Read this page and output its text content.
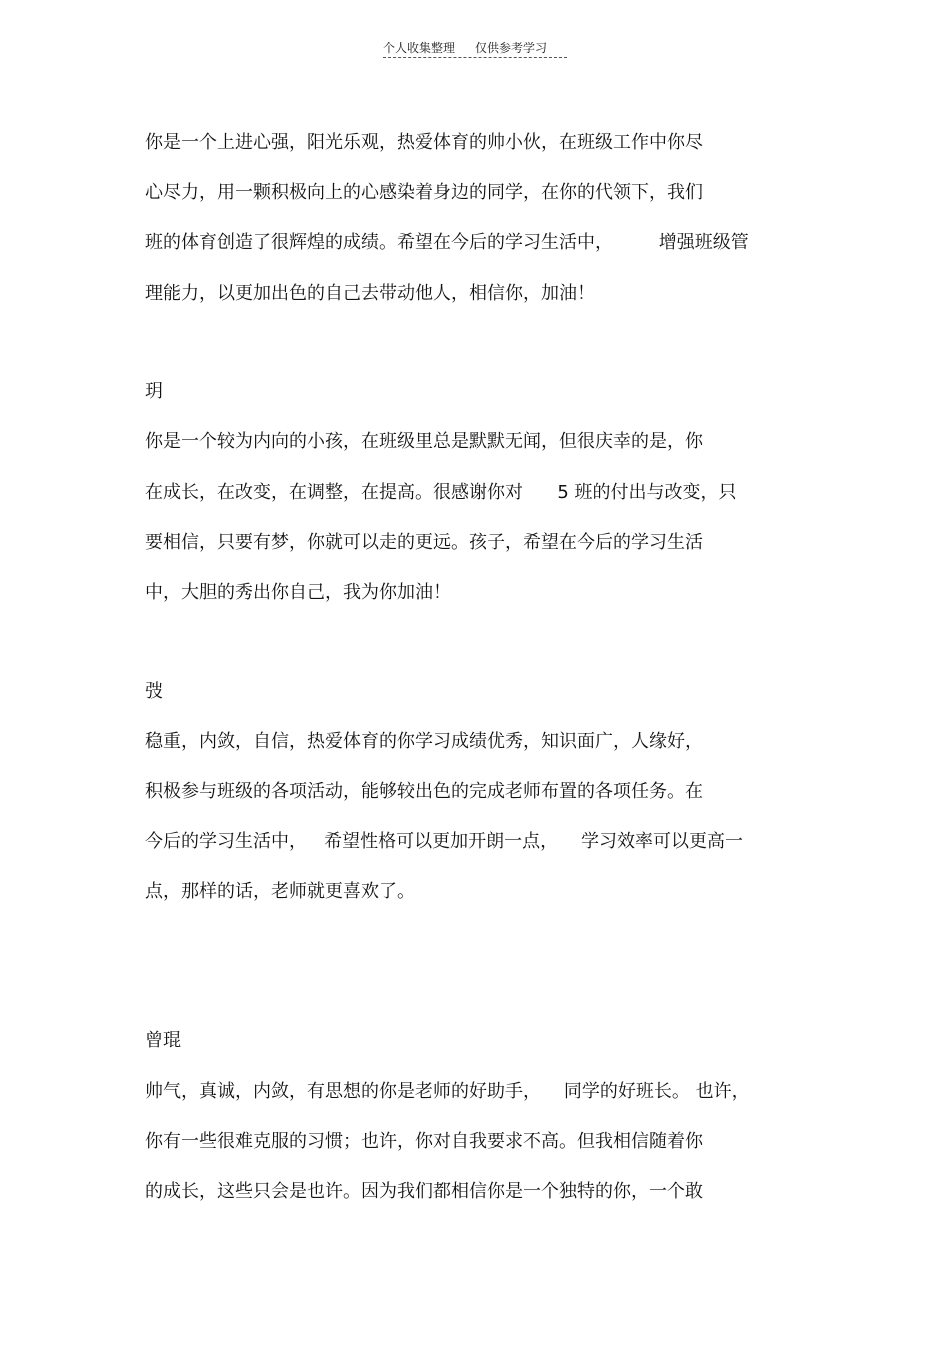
个人收集整理 仅供参考学习
你是一个上进心强，阳光乐观，热爱体育的帅小伙，在班级工作中你尽
心尽力，用一颗积极向上的心感染着身边的同学，在你的代领下，我们
班的体育创造了很辉煌的成绩。希望在今后的学习生活中，        增强班级管
理能力，以更加出色的自己去带动他人，相信你，加油！
玥
你是一个较为内向的小孩，在班级里总是默默无闻，但很庆幸的是，你
在成长，在改变，在调整，在提高。很感谢你对      5 班的付出与改变，只
要相信，只要有梦，你就可以走的更远。孩子，希望在今后的学习生活
中，大胆的秀出你自己，我为你加油！
弢
稳重，内敛，自信，热爱体育的你学习成绩优秀，知识面广，人缘好，
积极参与班级的各项活动，能够较出色的完成老师布置的各项任务。在
今后的学习生活中，   希望性格可以更加开朗一点，    学习效率可以更高一
点，那样的话，老师就更喜欢了。
曾琨
帅气，真诚，内敛，有思想的你是老师的好助手，    同学的好班长。 也许，
你有一些很难克服的习惯；也许，你对自我要求不高。但我相信随着你
的成长，这些只会是也许。因为我们都相信你是一个独特的你，一个敢
